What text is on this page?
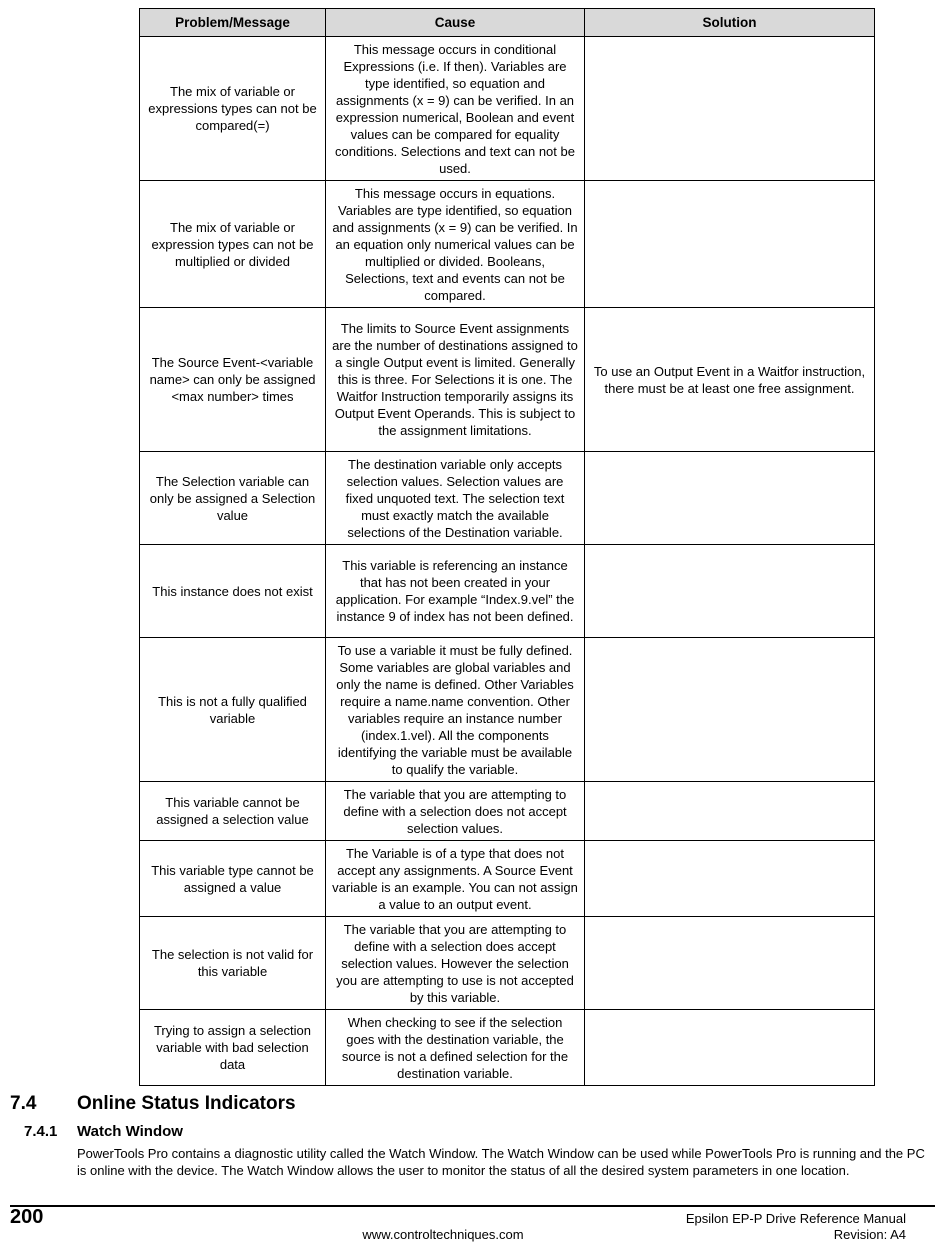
Problem/Message	Cause	Solution
The mix of variable or expressions types can not be compared(=)	This message occurs in conditional Expressions (i.e. If then). Variables are type identified, so equation and assignments (x = 9) can be verified. In an expression numerical, Boolean and event values can be compared for equality conditions. Selections and text can not be used.	
The mix of variable or expression types can not be multiplied or divided	This message occurs in equations. Variables are type identified, so equation and assignments (x = 9) can be verified. In an equation only numerical values can be multiplied or divided. Booleans, Selections, text and events can not be compared.	
The Source Event-<variable name> can only be assigned <max number> times	The limits to Source Event assignments are the number of destinations assigned to a single Output event is limited. Generally this is three. For Selections it is one. The Waitfor Instruction temporarily assigns its Output Event Operands. This is subject to the assignment limitations.	To use an Output Event in a Waitfor instruction, there must be at least one free assignment.
The Selection variable can only be assigned a Selection value	The destination variable only accepts selection values. Selection values are fixed unquoted text. The selection text must exactly match the available selections of the Destination variable.	
This instance does not exist	This variable is referencing an instance that has not been created in your application. For example “Index.9.vel” the instance 9 of index has not been defined.	
This is not a fully qualified variable	To use a variable it must be fully defined. Some variables are global variables and only the name is defined. Other Variables require a name.name convention. Other variables require an instance number (index.1.vel). All the components identifying the variable must be available to qualify the variable.	
This variable cannot be assigned a selection value	The variable that you are attempting to define with a selection does not accept selection values.	
This variable type cannot be assigned a value	The Variable is of a type that does not accept any assignments. A Source Event variable is an example. You can not assign a value to an output event.	
The selection is not valid for this variable	The variable that you are attempting to define with a selection does accept selection values. However the selection you are attempting to use is not accepted by this variable.	
Trying to assign a selection variable with bad selection data	When checking to see if the selection goes with the destination variable, the source is not a defined selection for the destination variable.	
7.4 Online Status Indicators
7.4.1 Watch Window
PowerTools Pro contains a diagnostic utility called the Watch Window. The Watch Window can be used while PowerTools Pro is running and the PC is online with the device. The Watch Window allows the user to monitor the status of all the desired system parameters in one location.
200	Epsilon EP-P Drive Reference Manual
www.controltechniques.com	Revision: A4
